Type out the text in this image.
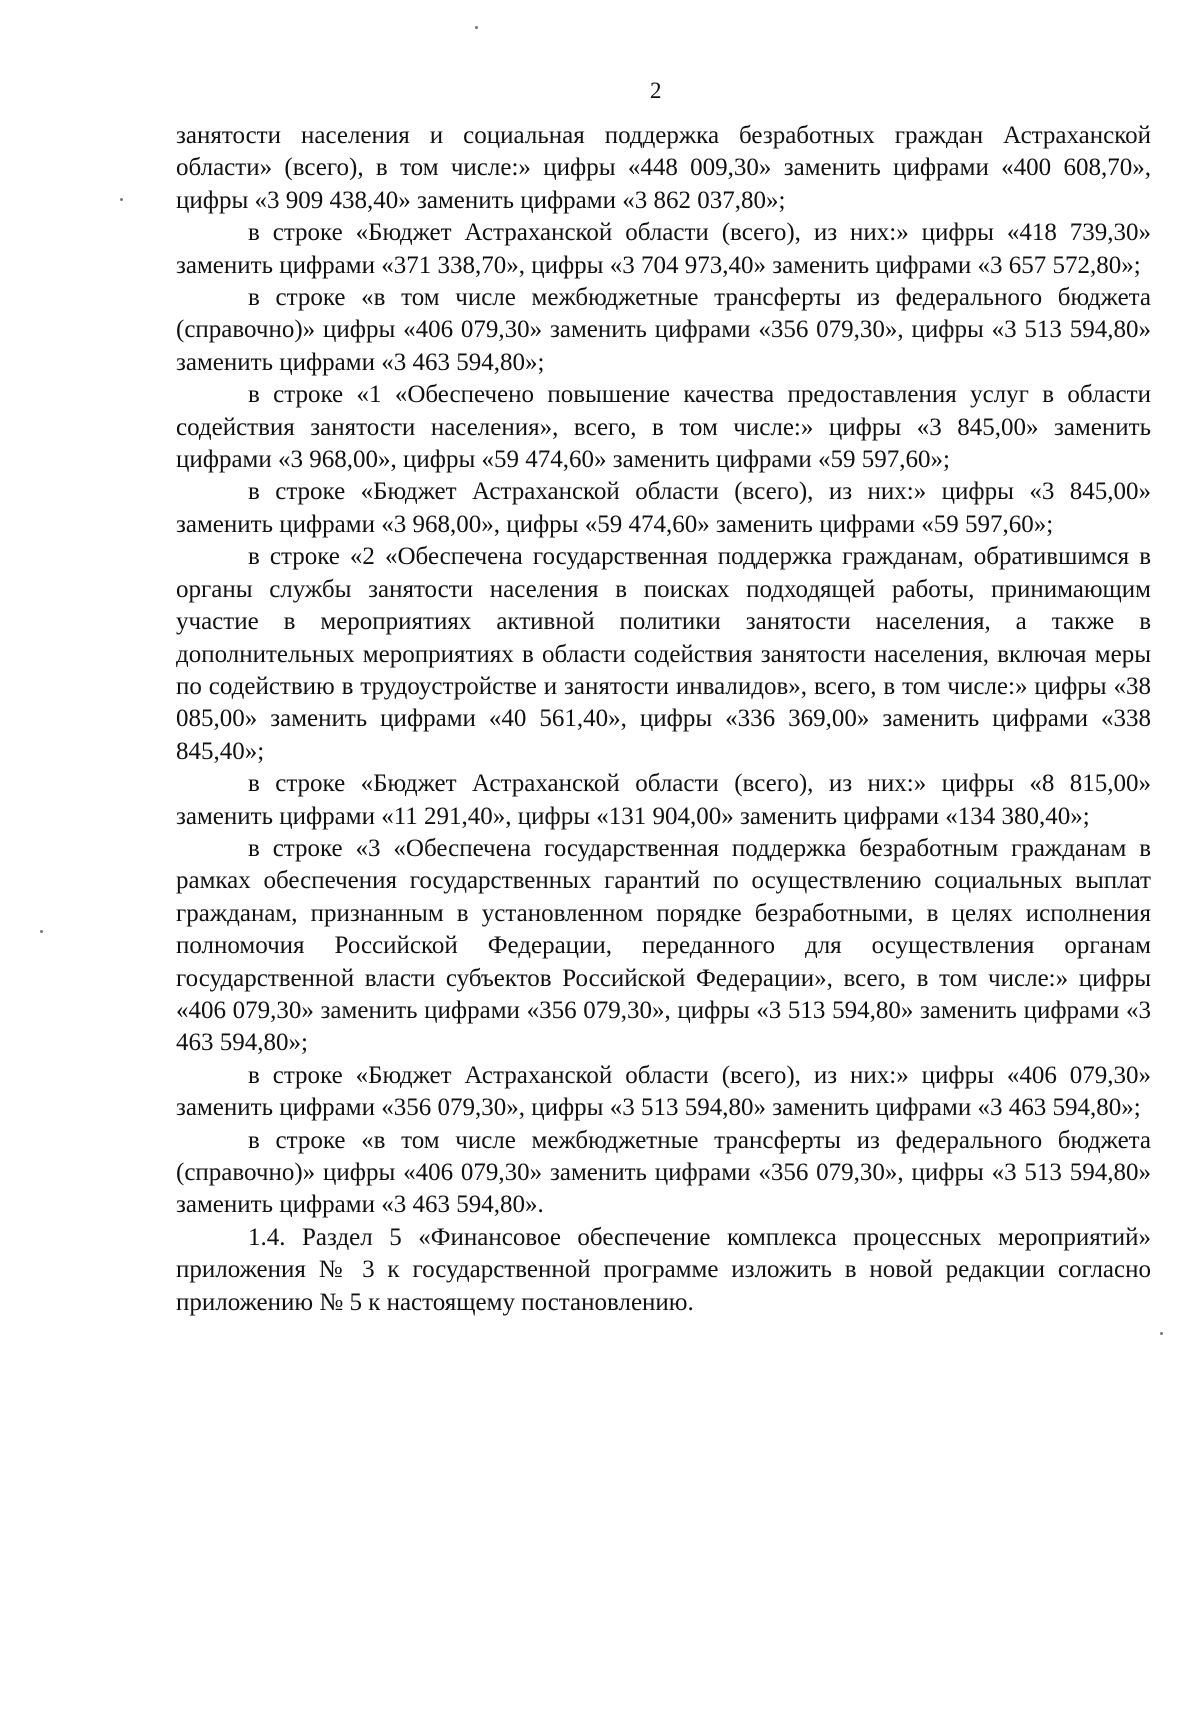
2

занятости населения и социальная поддержка безработных граждан Астраханской области» (всего), в том числе:» цифры «448 009,30» заменить цифрами «400 608,70», цифры «3 909 438,40» заменить цифрами «3 862 037,80»;

в строке «Бюджет Астраханской области (всего), из них:» цифры «418 739,30» заменить цифрами «371 338,70», цифры «3 704 973,40» заменить цифрами «3 657 572,80»;

в строке «в том числе межбюджетные трансферты из федерального бюджета (справочно)» цифры «406 079,30» заменить цифрами «356 079,30», цифры «3 513 594,80» заменить цифрами «3 463 594,80»;

в строке «1 «Обеспечено повышение качества предоставления услуг в области содействия занятости населения», всего, в том числе:» цифры «3 845,00» заменить цифрами «3 968,00», цифры «59 474,60» заменить цифрами «59 597,60»;

в строке «Бюджет Астраханской области (всего), из них:» цифры «3 845,00» заменить цифрами «3 968,00», цифры «59 474,60» заменить цифрами «59 597,60»;

в строке «2 «Обеспечена государственная поддержка гражданам, обратившимся в органы службы занятости населения в поисках подходящей работы, принимающим участие в мероприятиях активной политики занятости населения, а также в дополнительных мероприятиях в области содействия занятости населения, включая меры по содействию в трудоустройстве и занятости инвалидов», всего, в том числе:» цифры «38 085,00» заменить цифрами «40 561,40», цифры «336 369,00» заменить цифрами «338 845,40»;

в строке «Бюджет Астраханской области (всего), из них:» цифры «8 815,00» заменить цифрами «11 291,40», цифры «131 904,00» заменить цифрами «134 380,40»;

в строке «3 «Обеспечена государственная поддержка безработным гражданам в рамках обеспечения государственных гарантий по осуществлению социальных выплат гражданам, признанным в установленном порядке безработными, в целях исполнения полномочия Российской Федерации, переданного для осуществления органам государственной власти субъектов Российской Федерации», всего, в том числе:» цифры «406 079,30» заменить цифрами «356 079,30», цифры «3 513 594,80» заменить цифрами «3 463 594,80»;

в строке «Бюджет Астраханской области (всего), из них:» цифры «406 079,30» заменить цифрами «356 079,30», цифры «3 513 594,80» заменить цифрами «3 463 594,80»;

в строке «в том числе межбюджетные трансферты из федерального бюджета (справочно)» цифры «406 079,30» заменить цифрами «356 079,30», цифры «3 513 594,80» заменить цифрами «3 463 594,80».

1.4. Раздел 5 «Финансовое обеспечение комплекса процессных мероприятий» приложения № 3 к государственной программе изложить в новой редакции согласно приложению № 5 к настоящему постановлению.
